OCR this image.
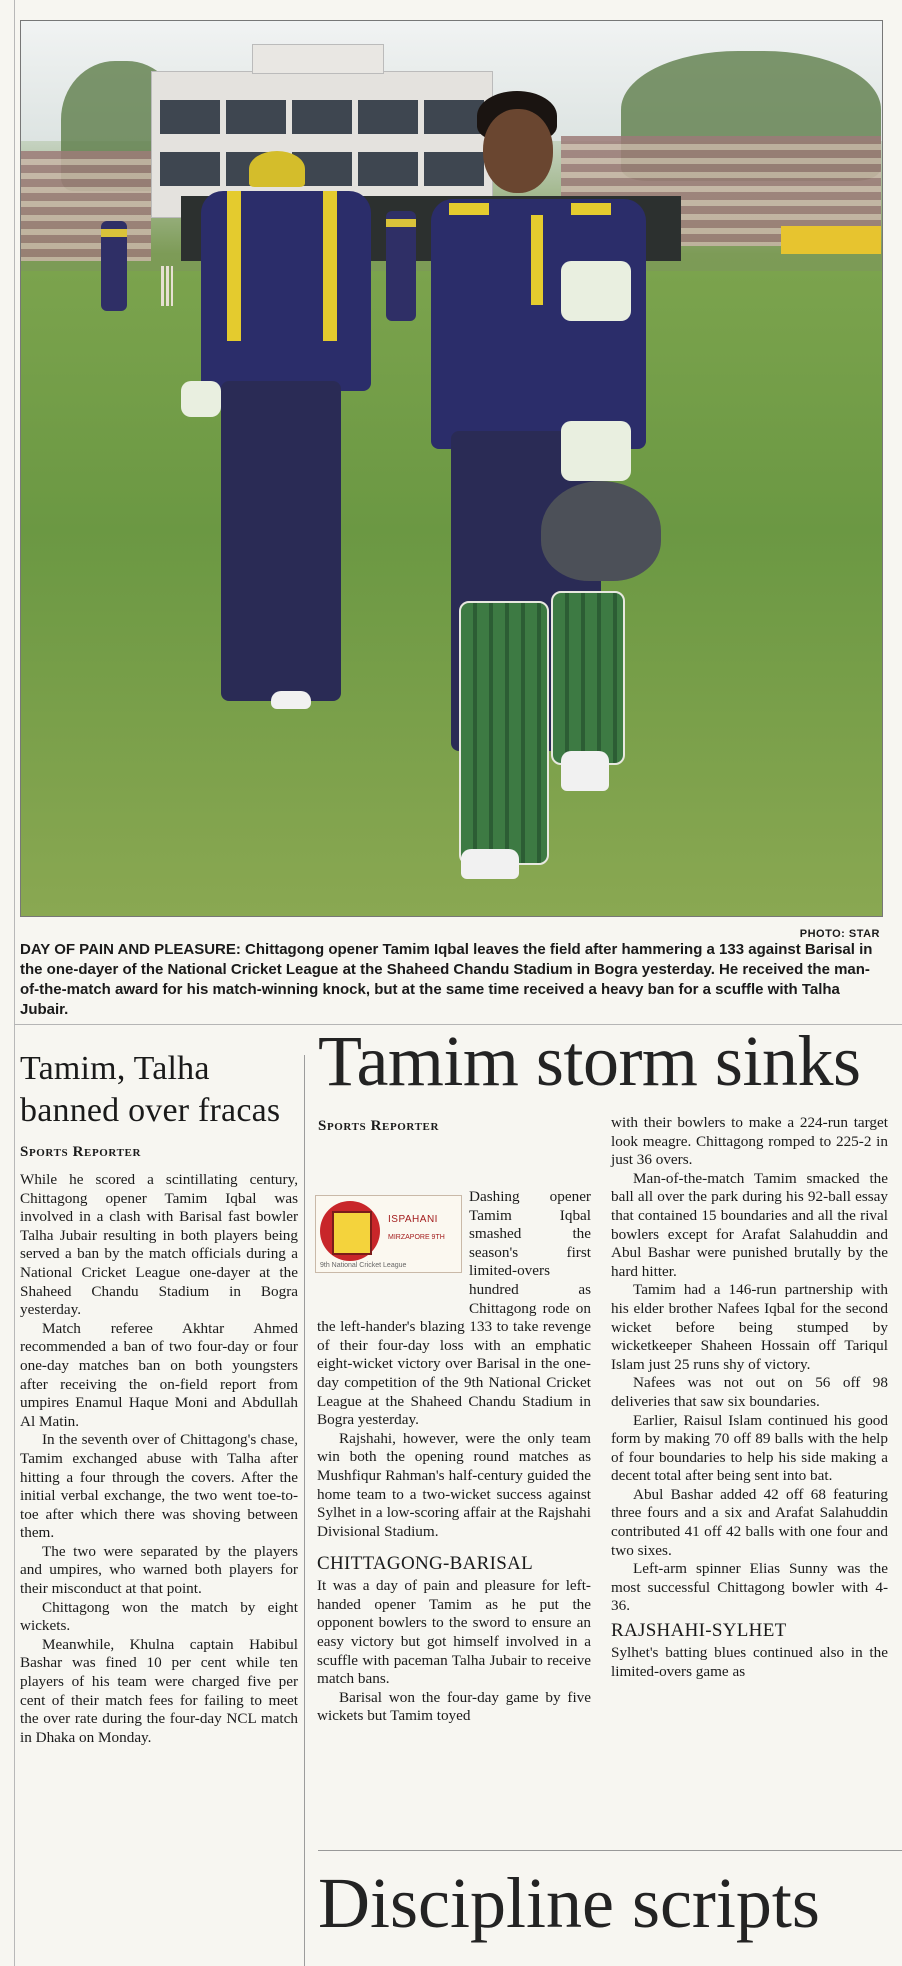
PHOTO: STAR

DAY OF PAIN AND PLEASURE: Chittagong opener Tamim Iqbal leaves the field after hammering a 133 against Barisal in the one-dayer of the National Cricket League at the Shaheed Chandu Stadium in Bogra yesterday. He received the man-of-the-match award for his match-winning knock, but at the same time received a heavy ban for a scuffle with Talha Jubair.

Tamim, Talha banned over fracas
Sports Reporter

While he scored a scintillating century, Chittagong opener Tamim Iqbal was involved in a clash with Barisal fast bowler Talha Jubair resulting in both players being served a ban by the match officials during a National Cricket League one-dayer at the Shaheed Chandu Stadium in Bogra yesterday.

Match referee Akhtar Ahmed recommended a ban of two four-day or four one-day matches ban on both youngsters after receiving the on-field report from umpires Enamul Haque Moni and Abdullah Al Matin.

In the seventh over of Chittagong's chase, Tamim exchanged abuse with Talha after hitting a four through the covers. After the initial verbal exchange, the two went toe-to-toe after which there was shoving between them.

The two were separated by the players and umpires, who warned both players for their misconduct at that point.

Chittagong won the match by eight wickets.

Meanwhile, Khulna captain Habibul Bashar was fined 10 per cent while ten players of his team were charged five per cent of their match fees for failing to meet the over rate during the four-day NCL match in Dhaka on Monday.

Tamim storm sinks
Sports Reporter
ISPAHANI
MIRZAPORE 9TH
9th National Cricket League

Dashing opener Tamim Iqbal smashed the season's first limited-overs hundred as Chittagong rode on the left-hander's blazing 133 to take revenge of their four-day loss with an emphatic eight-wicket victory over Barisal in the one-day competition of the 9th National Cricket League at the Shaheed Chandu Stadium in Bogra yesterday.

Rajshahi, however, were the only team win both the opening round matches as Mushfiqur Rahman's half-century guided the home team to a two-wicket success against Sylhet in a low-scoring affair at the Rajshahi Divisional Stadium.

CHITTAGONG-BARISAL

It was a day of pain and pleasure for left-handed opener Tamim as he put the opponent bowlers to the sword to ensure an easy victory but got himself involved in a scuffle with paceman Talha Jubair to receive match bans.

Barisal won the four-day game by five wickets but Tamim toyed

with their bowlers to make a 224-run target look meagre. Chittagong romped to 225-2 in just 36 overs.

Man-of-the-match Tamim smacked the ball all over the park during his 92-ball essay that contained 15 boundaries and all the rival bowlers except for Arafat Salahuddin and Abul Bashar were punished brutally by the hard hitter.

Tamim had a 146-run partnership with his elder brother Nafees Iqbal for the second wicket before being stumped by wicketkeeper Shaheen Hossain off Tariqul Islam just 25 runs shy of victory.

Nafees was not out on 56 off 98 deliveries that saw six boundaries.

Earlier, Raisul Islam continued his good form by making 70 off 89 balls with the help of four boundaries to help his side making a decent total after being sent into bat.

Abul Bashar added 42 off 68 featuring three fours and a six and Arafat Salahuddin contributed 41 off 42 balls with one four and two sixes.

Left-arm spinner Elias Sunny was the most successful Chittagong bowler with 4-36.

RAJSHAHI-SYLHET

Sylhet's batting blues continued also in the limited-overs game as

Discipline scripts
